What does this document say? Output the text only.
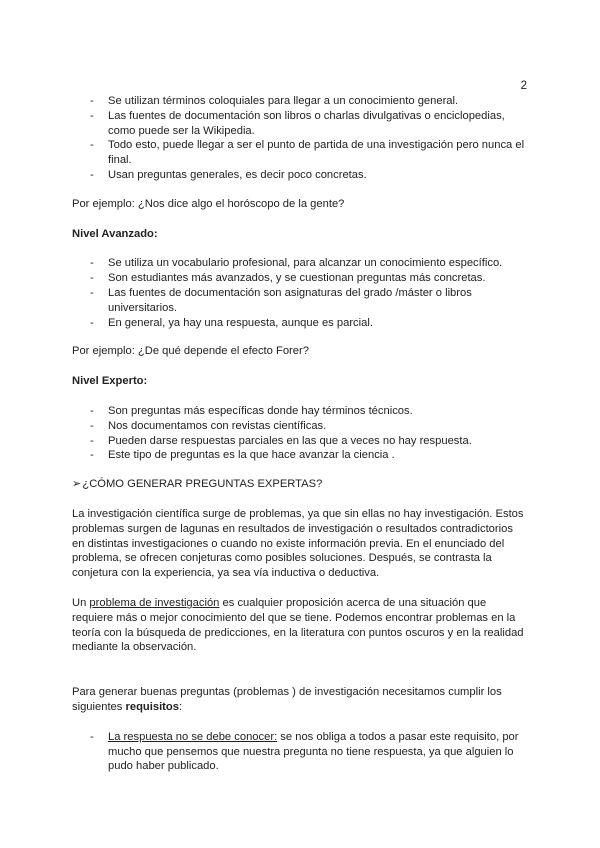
2
- Se utilizan términos coloquiales para llegar a un conocimiento general.
- Las fuentes de documentación son libros o charlas divulgativas o enciclopedias, como puede ser la Wikipedia.
- Todo esto, puede llegar a ser el punto de partida de una investigación pero nunca el final.
- Usan preguntas generales, es decir poco concretas.

Por ejemplo: ¿Nos dice algo el horóscopo de la gente?

Nivel Avanzado:

- Se utiliza un vocabulario profesional, para alcanzar un conocimiento específico.
- Son estudiantes más avanzados, y se cuestionan preguntas más concretas.
- Las fuentes de documentación son asignaturas del grado /máster o libros universitarios.
- En general, ya hay una respuesta, aunque es parcial.

Por ejemplo: ¿De qué depende el efecto Forer?

Nivel Experto:

- Son preguntas más específicas donde hay términos técnicos.
- Nos documentamos con revistas científicas.
- Pueden darse respuestas parciales en las que a veces no hay respuesta.
- Este tipo de preguntas es la que hace avanzar la ciencia .

➢¿CÓMO GENERAR PREGUNTAS EXPERTAS?

La investigación científica surge de problemas, ya que sin ellas no hay investigación. Estos problemas surgen de lagunas en resultados de investigación o resultados contradictorios en distintas investigaciones o cuando no existe información previa. En el enunciado del problema, se ofrecen conjeturas como posibles soluciones. Después, se contrasta la conjetura con la experiencia, ya sea vía inductiva o deductiva.

Un problema de investigación es cualquier proposición acerca de una situación que requiere más o mejor conocimiento del que se tiene. Podemos encontrar problemas en la teoría con la búsqueda de predicciones, en la literatura con puntos oscuros y en la realidad mediante la observación.

Para generar buenas preguntas (problemas ) de investigación necesitamos cumplir los siguientes requisitos:

- La respuesta no se debe conocer: se nos obliga a todos a pasar este requisito, por mucho que pensemos que nuestra pregunta no tiene respuesta, ya que alguien lo pudo haber publicado.
